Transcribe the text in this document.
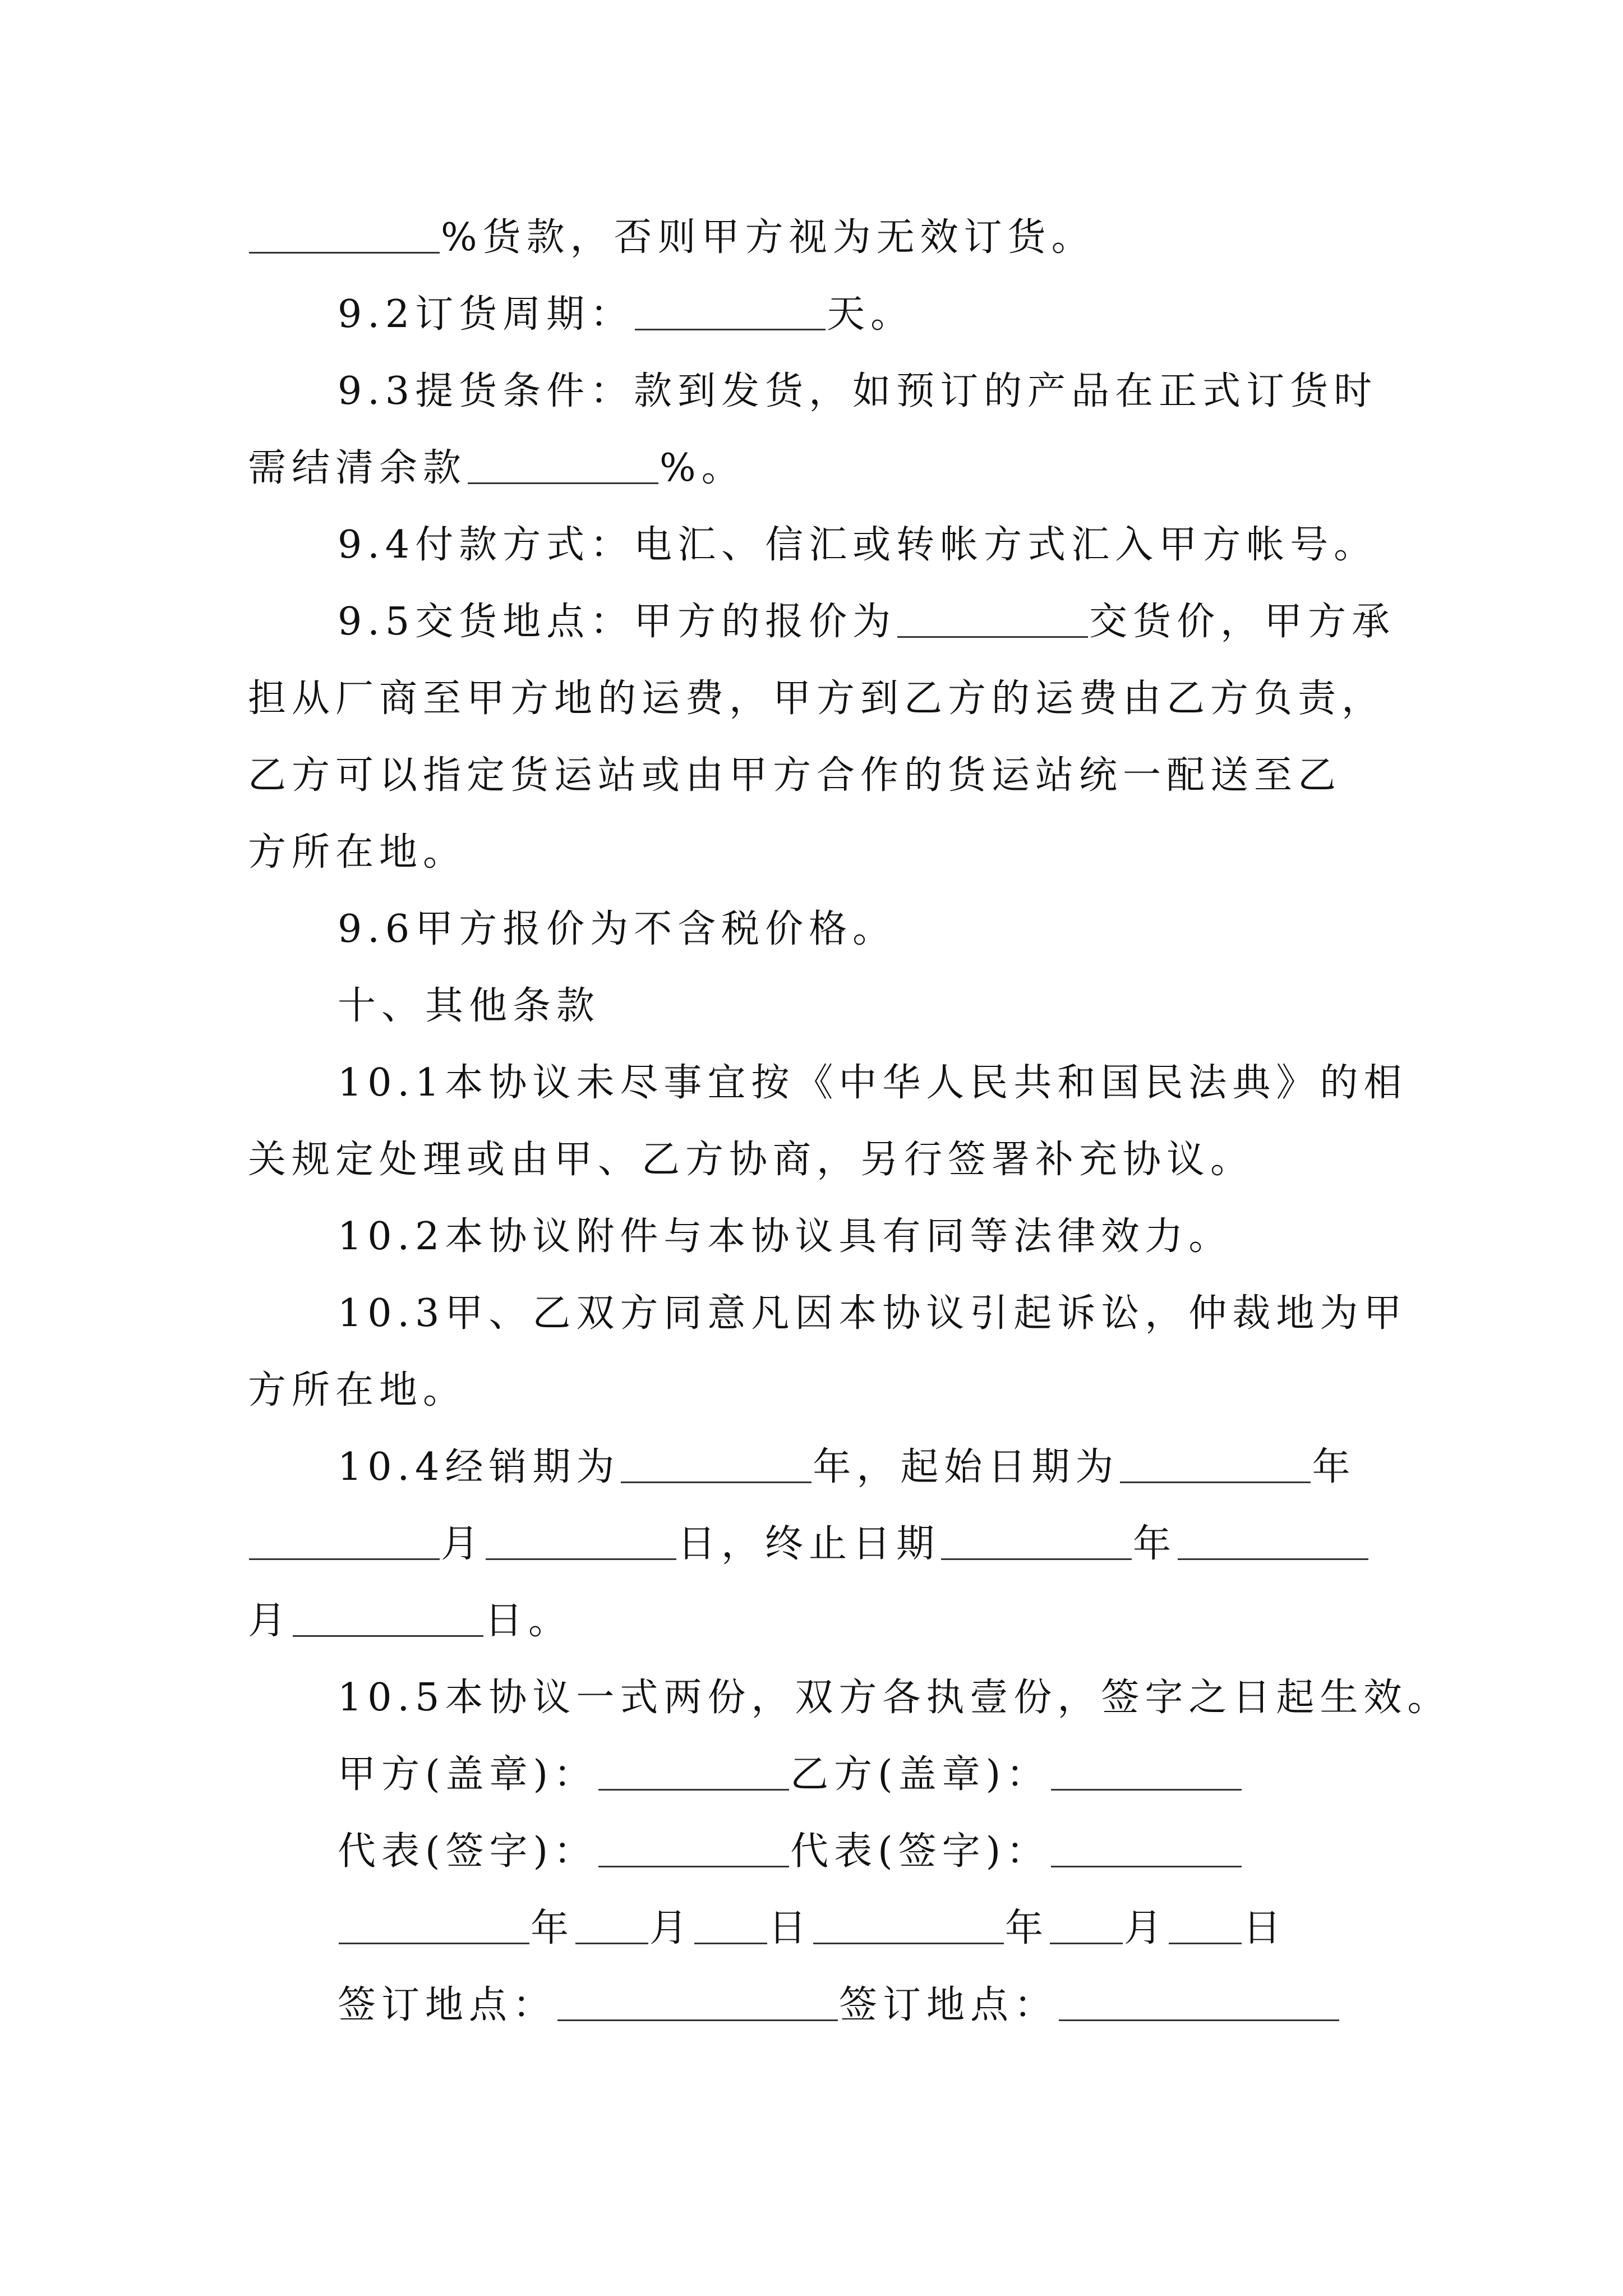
%货款，否则甲方视为无效订货。
9.2订货周期：	天。
9.3提货条件：款到发货，如预订的产品在正式订货时
需结清余款	%。
9.4付款方式：电汇、信汇或转帐方式汇入甲方帐号。
9.5交货地点：甲方的报价为	交货价，甲方承
担从厂商至甲方地的运费，甲方到乙方的运费由乙方负责，
乙方可以指定货运站或由甲方合作的货运站统一配送至乙
方所在地。
9.6甲方报价为不含税价格。
十、其他条款
10.1本协议未尽事宜按《中华人民共和国民法典》的相
关规定处理或由甲、乙方协商，另行签署补充协议。
10.2本协议附件与本协议具有同等法律效力。
10.3甲、乙双方同意凡因本协议引起诉讼，仲裁地为甲
方所在地。
10.4经销期为	年，起始日期为	年
月	日，终止日期	年
月	日。
10.5本协议一式两份，双方各执壹份，签字之日起生效。
甲方(盖章)：	乙方(盖章)：
代表(签字)：	代表(签字)：
年 月 日	年 月 日
签订地点：	签订地点：
